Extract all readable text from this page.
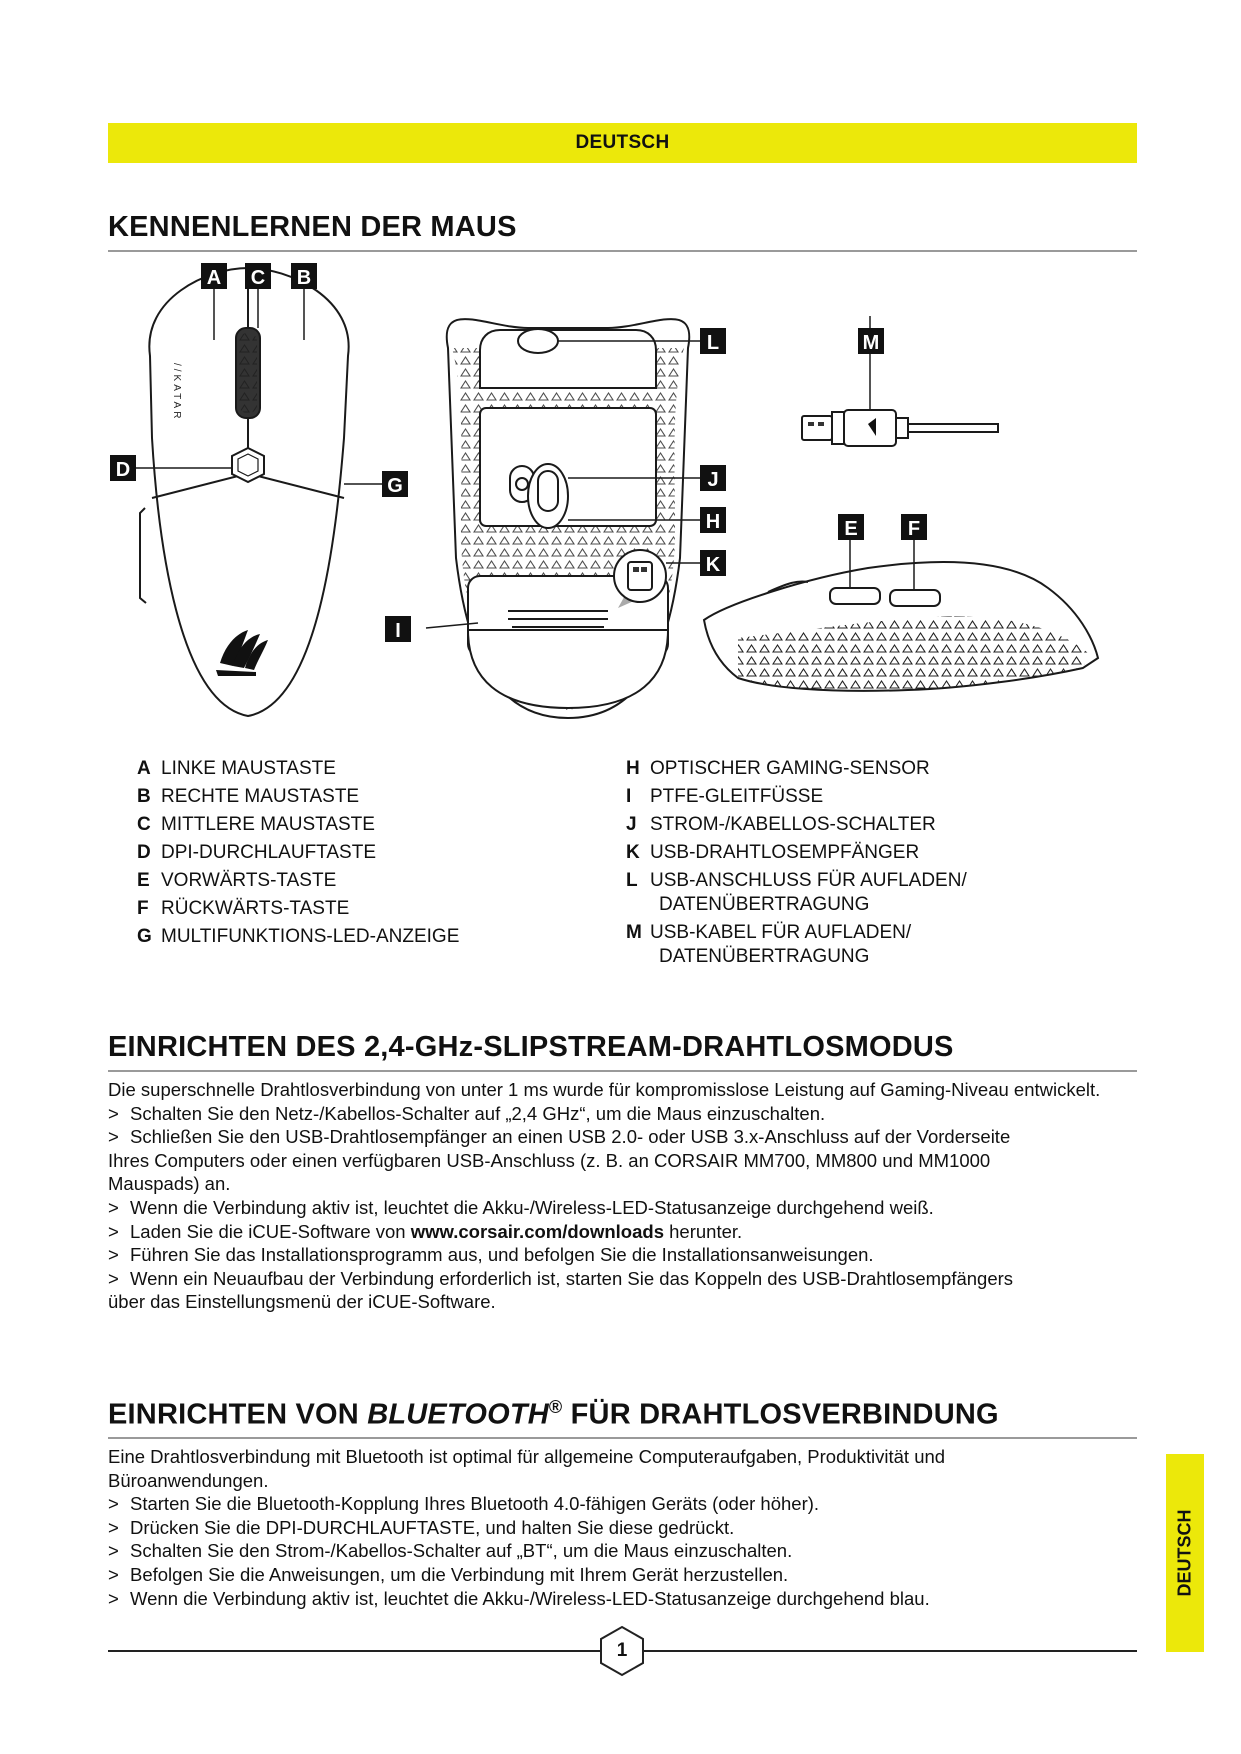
DEUTSCH
KENNENLERNEN DER MAUS
//KATAR
A C B
D
G
L	M
J
H
K
E	F
I
A LINKE MAUSTASTE
B RECHTE MAUSTASTE
C MITTLERE MAUSTASTE
D DPI-DURCHLAUFTASTE
E VORWÄRTS-TASTE
F RÜCKWÄRTS-TASTE
G MULTIFUNKTIONS-LED-ANZEIGE
H OPTISCHER GAMING-SENSOR
I PTFE-GLEITFÜSSE
J STROM-/KABELLOS-SCHALTER
K USB-DRAHTLOSEMPFÄNGER
L USB-ANSCHLUSS FÜR AUFLADEN/
DATENÜBERTRAGUNG
M USB-KABEL FÜR AUFLADEN/
DATENÜBERTRAGUNG
EINRICHTEN DES 2,4-GHz-SLIPSTREAM-DRAHTLOSMODUS

Die superschnelle Drahtlosverbindung von unter 1 ms wurde für kompromisslose Leistung auf Gaming-Niveau entwickelt.

> Schalten Sie den Netz-/Kabellos-Schalter auf „2,4 GHz“, um die Maus einzuschalten.

> Schließen Sie den USB-Drahtlosempfänger an einen USB 2.0- oder USB 3.x-Anschluss auf der Vorderseite

Ihres Computers oder einen verfügbaren USB-Anschluss (z. B. an CORSAIR MM700, MM800 und MM1000

Mauspads) an.

> Wenn die Verbindung aktiv ist, leuchtet die Akku-/Wireless-LED-Statusanzeige durchgehend weiß.

> Laden Sie die iCUE-Software von www.corsair.com/downloads herunter.

> Führen Sie das Installationsprogramm aus, und befolgen Sie die Installationsanweisungen.

> Wenn ein Neuaufbau der Verbindung erforderlich ist, starten Sie das Koppeln des USB-Drahtlosempfängers

über das Einstellungsmenü der iCUE-Software.

EINRICHTEN VON BLUETOOTH® FÜR DRAHTLOSVERBINDUNG

Eine Drahtlosverbindung mit Bluetooth ist optimal für allgemeine Computeraufgaben, Produktivität und Büroanwendungen.

> Starten Sie die Bluetooth-Kopplung Ihres Bluetooth 4.0-fähigen Geräts (oder höher).

> Drücken Sie die DPI-DURCHLAUFTASTE, und halten Sie diese gedrückt.

> Schalten Sie den Strom-/Kabellos-Schalter auf „BT“, um die Maus einzuschalten.

> Befolgen Sie die Anweisungen, um die Verbindung mit Ihrem Gerät herzustellen.

> Wenn die Verbindung aktiv ist, leuchtet die Akku-/Wireless-LED-Statusanzeige durchgehend blau.

DEUTSCH
1
